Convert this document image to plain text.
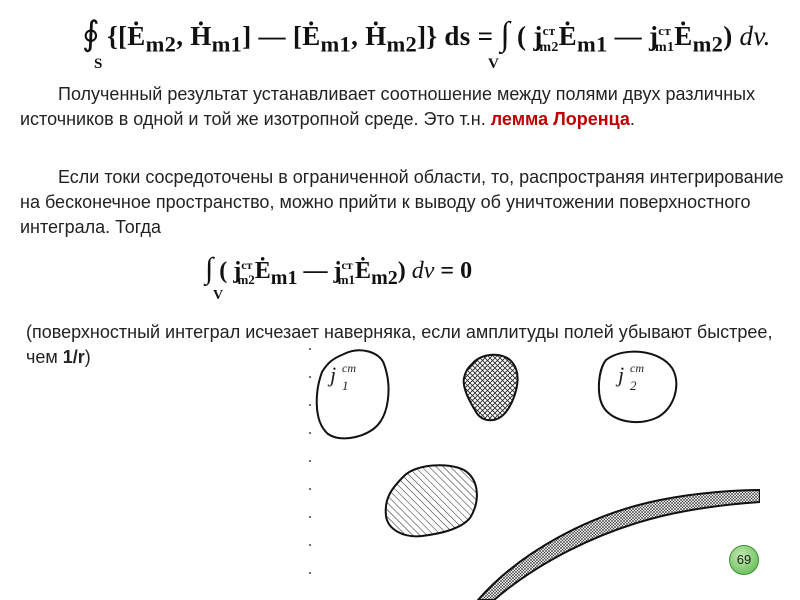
∮ {[$Ė_{m2}$, Ḣ$_{m1}$] — [$Ė_{m1}$, Ḣ$_{m2}$]} ds = ∫ ( $j^{ст}_{m2}Ė_{m1}$ — $j^{ст}_{m1}Ė_{m2}$) dv.
S	V
Полученный результат устанавливает соотношение между полями двух различных источников в одной и той же изотропной среде. Это т.н. лемма Лоренца.
Если токи сосредоточены в ограниченной области, то, распространяя интегрирование на бесконечное пространство, можно прийти к выводу об уничтожении поверхностного интеграла. Тогда
∫ ( $j^{ст}_{m2}Ė_{m1}$ — $j^{ст}_{m1}Ė_{m2}$) dv = 0
V
(поверхностный интеграл исчезает наверняка, если амплитуды полей убывают быстрее, чем 1/r)
j ст
1	j ст
2
69
